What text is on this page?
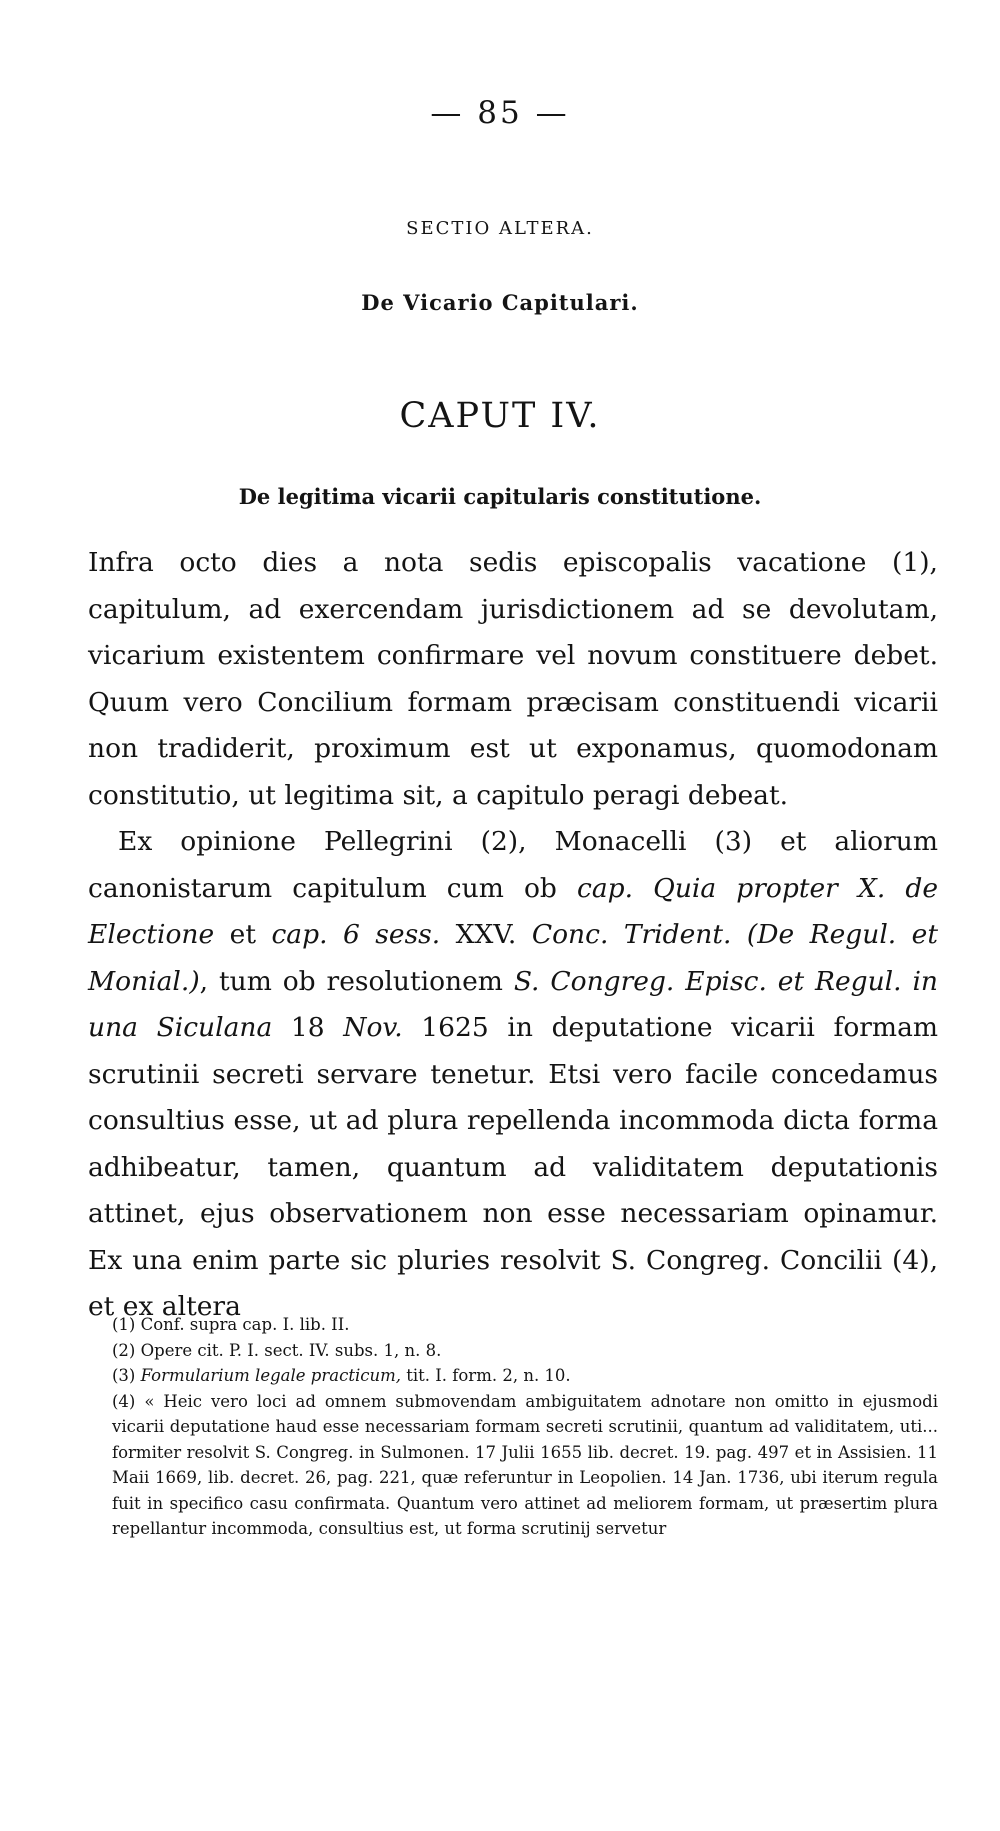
— 85 —
SECTIO ALTERA.
De Vicario Capitulari.
CAPUT IV.
De legitima vicarii capitularis constitutione.

Infra octo dies a nota sedis episcopalis vacatione (1), capitulum, ad exercendam jurisdictionem ad se devolutam, vicarium existentem confirmare vel novum constituere debet. Quum vero Concilium formam præcisam constituendi vicarii non tradiderit, proximum est ut exponamus, quomodonam constitutio, ut legitima sit, a capitulo peragi debeat.

Ex opinione Pellegrini (2), Monacelli (3) et aliorum canonistarum capitulum cum ob cap. Quia propter X. de Electione et cap. 6 sess. XXV. Conc. Trident. (De Regul. et Monial.), tum ob resolutionem S. Congreg. Episc. et Regul. in una Siculana 18 Nov. 1625 in deputatione vicarii formam scrutinii secreti servare tenetur. Etsi vero facile concedamus consultius esse, ut ad plura repellenda incommoda dicta forma adhibeatur, tamen, quantum ad validitatem deputationis attinet, ejus observationem non esse necessariam opinamur. Ex una enim parte sic pluries resolvit S. Congreg. Concilii (4), et ex altera

(1) Conf. supra cap. I. lib. II.

(2) Opere cit. P. I. sect. IV. subs. 1, n. 8.

(3) Formularium legale practicum, tit. I. form. 2, n. 10.

(4) « Heic vero loci ad omnem submovendam ambiguitatem adnotare non omitto in ejusmodi vicarii deputatione haud esse necessariam formam secreti scrutinii, quantum ad validitatem, uti... formiter resolvit S. Congreg. in Sulmonen. 17 Julii 1655 lib. decret. 19. pag. 497 et in Assisien. 11 Maii 1669, lib. decret. 26, pag. 221, quæ referuntur in Leopolien. 14 Jan. 1736, ubi iterum regula fuit in specifico casu confirmata. Quantum vero attinet ad meliorem formam, ut præsertim plura repellantur incommoda, consultius est, ut forma scrutinij servetur
